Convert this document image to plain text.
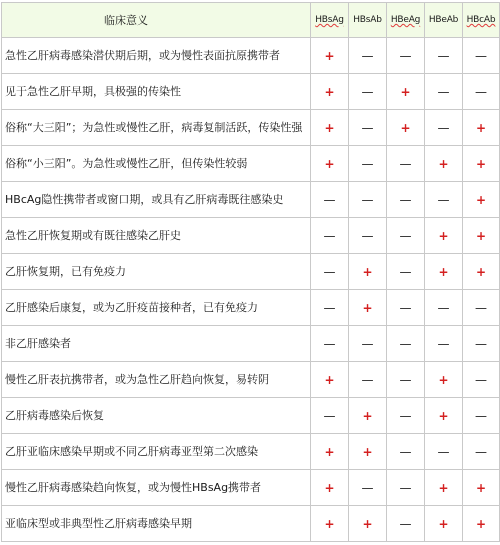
临床意义	HBsAg	HBsAb	HBeAg	HBeAb	HBcAb
急性乙肝病毒感染潜伏期后期，或为慢性表面抗原携带者	+	—	—	—	—
见于急性乙肝早期，具极强的传染性	+	—	+	—	—
俗称“大三阳”；为急性或慢性乙肝，病毒复制活跃，传染性强	+	—	+	—	+
俗称“小三阳”。为急性或慢性乙肝，但传染性较弱	+	—	—	+	+
HBcAg隐性携带者或窗口期，或具有乙肝病毒既往感染史	—	—	—	—	+
急性乙肝恢复期或有既往感染乙肝史	—	—	—	+	+
乙肝恢复期，已有免疫力	—	+	—	+	+
乙肝感染后康复，或为乙肝疫苗接种者，已有免疫力	—	+	—	—	—
非乙肝感染者	—	—	—	—	—
慢性乙肝表抗携带者，或为急性乙肝趋向恢复，易转阴	+	—	—	+	—
乙肝病毒感染后恢复	—	+	—	+	—
乙肝亚临床感染早期或不同乙肝病毒亚型第二次感染	+	+	—	—	—
慢性乙肝病毒感染趋向恢复，或为慢性HBsAg携带者	+	—	—	+	+
亚临床型或非典型性乙肝病毒感染早期	+	+	—	+	+
